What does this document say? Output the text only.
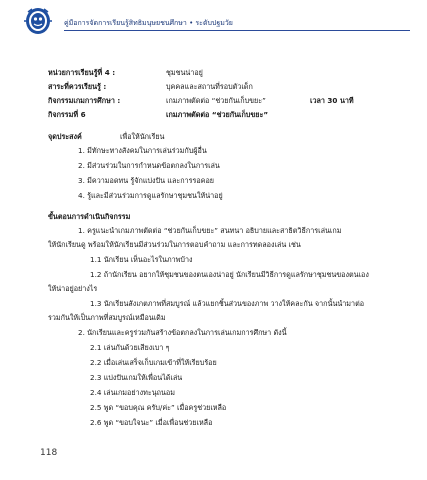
คู่มือการจัดการเรียนรู้สิทธิมนุษยชนศึกษา • ระดับปฐมวัย
หน่วยการเรียนรู้ที่ 4 :	ชุมชนน่าอยู่
สาระที่ควรเรียนรู้ :	บุคคลและสถานที่รอบตัวเด็ก
กิจกรรมเกมการศึกษา :	เกมภาพตัดต่อ “ช่วยกันเก็บขยะ”	เวลา 30 นาที
กิจกรรมที่ 6	เกมภาพตัดต่อ “ช่วยกันเก็บขยะ”
จุดประสงค์	เพื่อให้นักเรียน
1. มีทักษะทางสังคมในการเล่นร่วมกับผู้อื่น
2. มีส่วนร่วมในการกำหนดข้อตกลงในการเล่น
3. มีความอดทน รู้จักแบ่งปัน และการรอคอย
4. รู้และมีส่วนร่วมการดูแลรักษาชุมชนให้น่าอยู่
ขั้นตอนการดำเนินกิจกรรม
1. ครูแนะนำเกมภาพตัดต่อ “ช่วยกันเก็บขยะ” สนทนา อธิบายและสาธิตวิธีการเล่นเกม
ให้นักเรียนดู พร้อมให้นักเรียนมีส่วนร่วมในการตอบคำถาม และการทดลองเล่น เช่น
1.1 นักเรียน เห็นอะไรในภาพบ้าง
1.2 ถ้านักเรียน อยากให้ชุมชนของตนเองน่าอยู่ นักเรียนมีวิธีการดูแลรักษาชุมชนของตนเอง
ให้น่าอยู่อย่างไร
1.3 นักเรียนสังเกตภาพที่สมบูรณ์ แล้วแยกชิ้นส่วนของภาพ วางให้คละกัน จากนั้นนำมาต่อ
รวมกันให้เป็นภาพที่สมบูรณ์เหมือนเดิม
2. นักเรียนและครูร่วมกันสร้างข้อตกลงในการเล่นเกมการศึกษา ดังนี้
2.1 เล่นกันด้วยเสียงเบา ๆ
2.2 เมื่อเล่นเสร็จเก็บเกมเข้าที่ให้เรียบร้อย
2.3 แบ่งปันเกมให้เพื่อนได้เล่น
2.4 เล่นเกมอย่างทะนุถนอม
2.5 พูด “ขอบคุณ ครับ/ค่ะ” เมื่อครูช่วยเหลือ
2.6 พูด “ขอบใจนะ” เมื่อเพื่อนช่วยเหลือ
118
